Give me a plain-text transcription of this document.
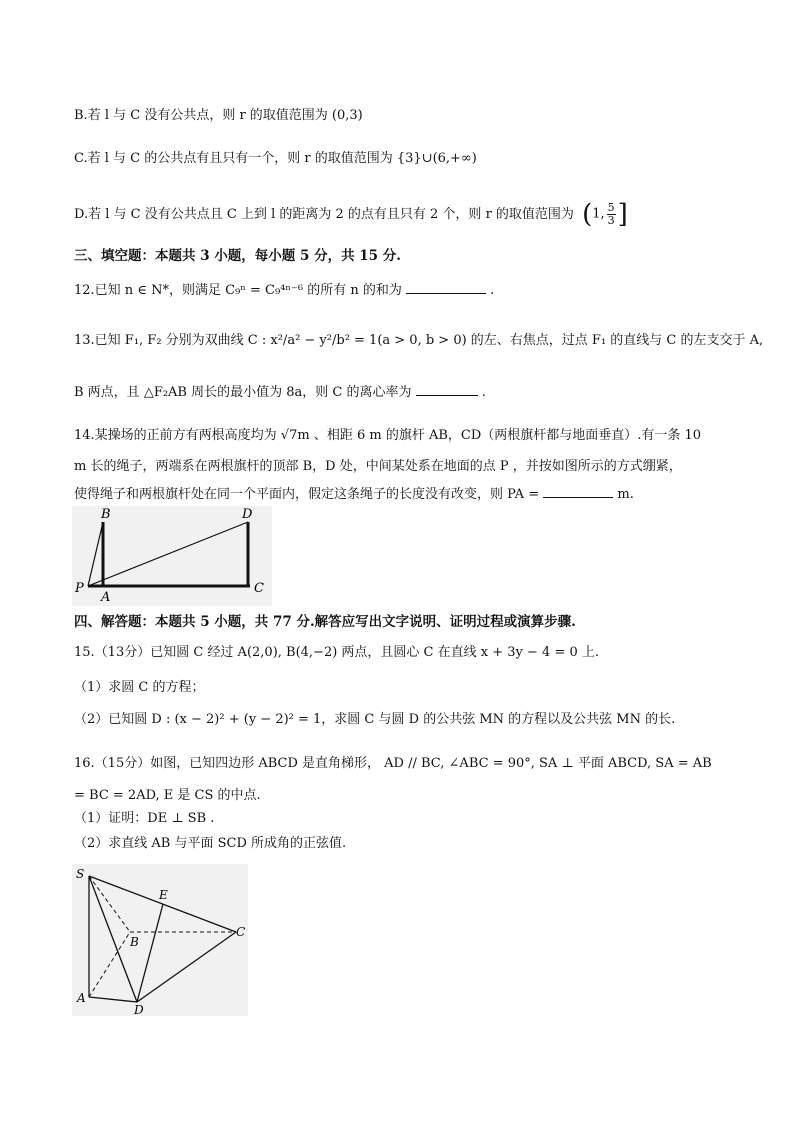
B.若 l 与 C 没有公共点，则 r 的取值范围为 (0,3)
C.若 l 与 C 的公共点有且只有一个，则 r 的取值范围为 {3}∪(6,+∞)
D.若 l 与 C 没有公共点且 C 上到 l 的距离为 2 的点有且只有 2 个，则 r 的取值范围为 (1, $\frac{5}{3}$ ]
三、填空题：本题共 3 小题，每小题 5 分，共 15 分.
12.已知 n ∈ N*，则满足 C₉ⁿ = C₉⁴ⁿ⁻⁶ 的所有 n 的和为	.
13.已知 F₁, F₂ 分别为双曲线 C : x²/a² − y²/b² = 1(a > 0, b > 0) 的左、右焦点，过点 F₁ 的直线与 C 的左支交于 A,
B 两点，且 △F₂AB 周长的最小值为 8a，则 C 的离心率为	.
14.某操场的正前方有两根高度均为 √7m 、相距 6 m 的旗杆 AB，CD（两根旗杆都与地面垂直）.有一条 10
m 长的绳子，两端系在两根旗杆的顶部 B，D 处，中间某处系在地面的点 P ，并按如图所示的方式绷紧，
使得绳子和两根旗杆处在同一个平面内，假定这条绳子的长度没有改变，则 PA =	m.
B	D
P
A
C
四、解答题：本题共 5 小题，共 77 分.解答应写出文字说明、证明过程或演算步骤.
15.（13分）已知圆 C 经过 A(2,0), B(4,−2) 两点，且圆心 C 在直线 x + 3y − 4 = 0 上.
（1）求圆 C 的方程；
（2）已知圆 D : (x − 2)² + (y − 2)² = 1，求圆 C 与圆 D 的公共弦 MN 的方程以及公共弦 MN 的长.
16.（15分）如图，已知四边形 ABCD 是直角梯形， AD // BC, ∠ABC = 90°, SA ⊥ 平面 ABCD, SA = AB
= BC = 2AD, E 是 CS 的中点.
（1）证明：DE ⊥ SB .
（2）求直线 AB 与平面 SCD 所成角的正弦值.
S
E
B
C
A
D
